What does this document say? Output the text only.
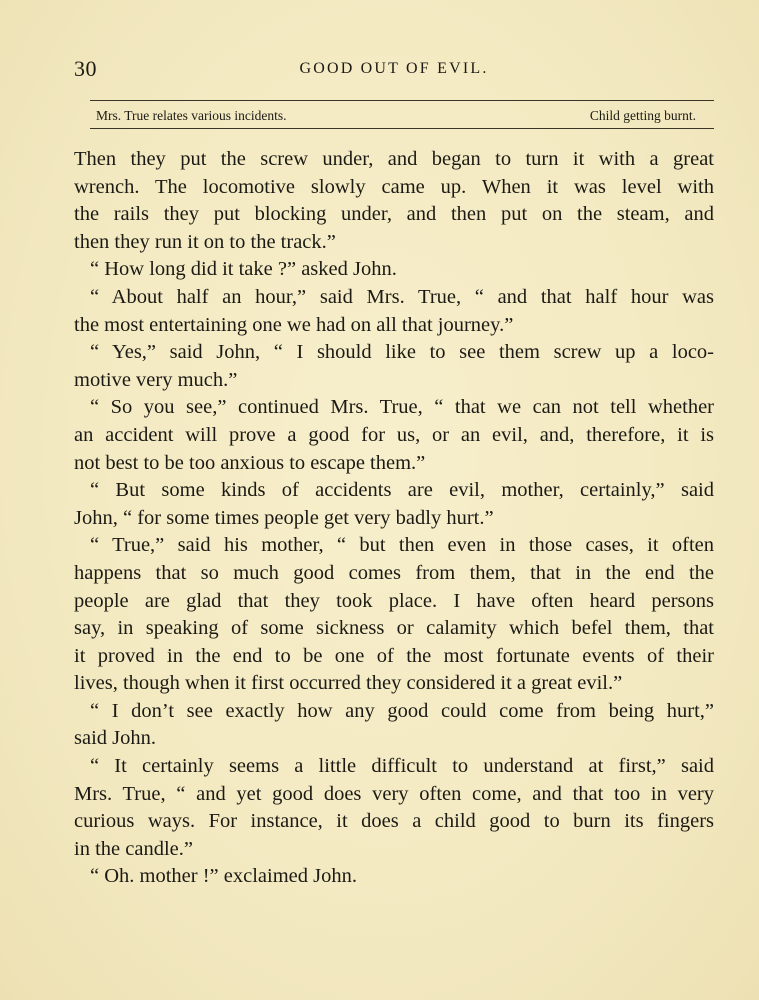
30	GOOD OUT OF EVIL.
Mrs. True relates various incidents.	Child getting burnt.
Then they put the screw under, and began to turn it with a great
wrench. The locomotive slowly came up. When it was level with
the rails they put blocking under, and then put on the steam, and
then they run it on to the track.”
“ How long did it take ?” asked John.
“ About half an hour,” said Mrs. True, “ and that half hour was
the most entertaining one we had on all that journey.”
“ Yes,” said John, “ I should like to see them screw up a loco-
motive very much.”
“ So you see,” continued Mrs. True, “ that we can not tell whether
an accident will prove a good for us, or an evil, and, therefore, it is
not best to be too anxious to escape them.”
“ But some kinds of accidents are evil, mother, certainly,” said
John, “ for some times people get very badly hurt.”
“ True,” said his mother, “ but then even in those cases, it often
happens that so much good comes from them, that in the end the
people are glad that they took place. I have often heard persons
say, in speaking of some sickness or calamity which befel them, that
it proved in the end to be one of the most fortunate events of their
lives, though when it first occurred they considered it a great evil.”
“ I don’t see exactly how any good could come from being hurt,”
said John.
“ It certainly seems a little difficult to understand at first,” said
Mrs. True, “ and yet good does very often come, and that too in very
curious ways. For instance, it does a child good to burn its fingers
in the candle.”
“ Oh. mother !” exclaimed John.
